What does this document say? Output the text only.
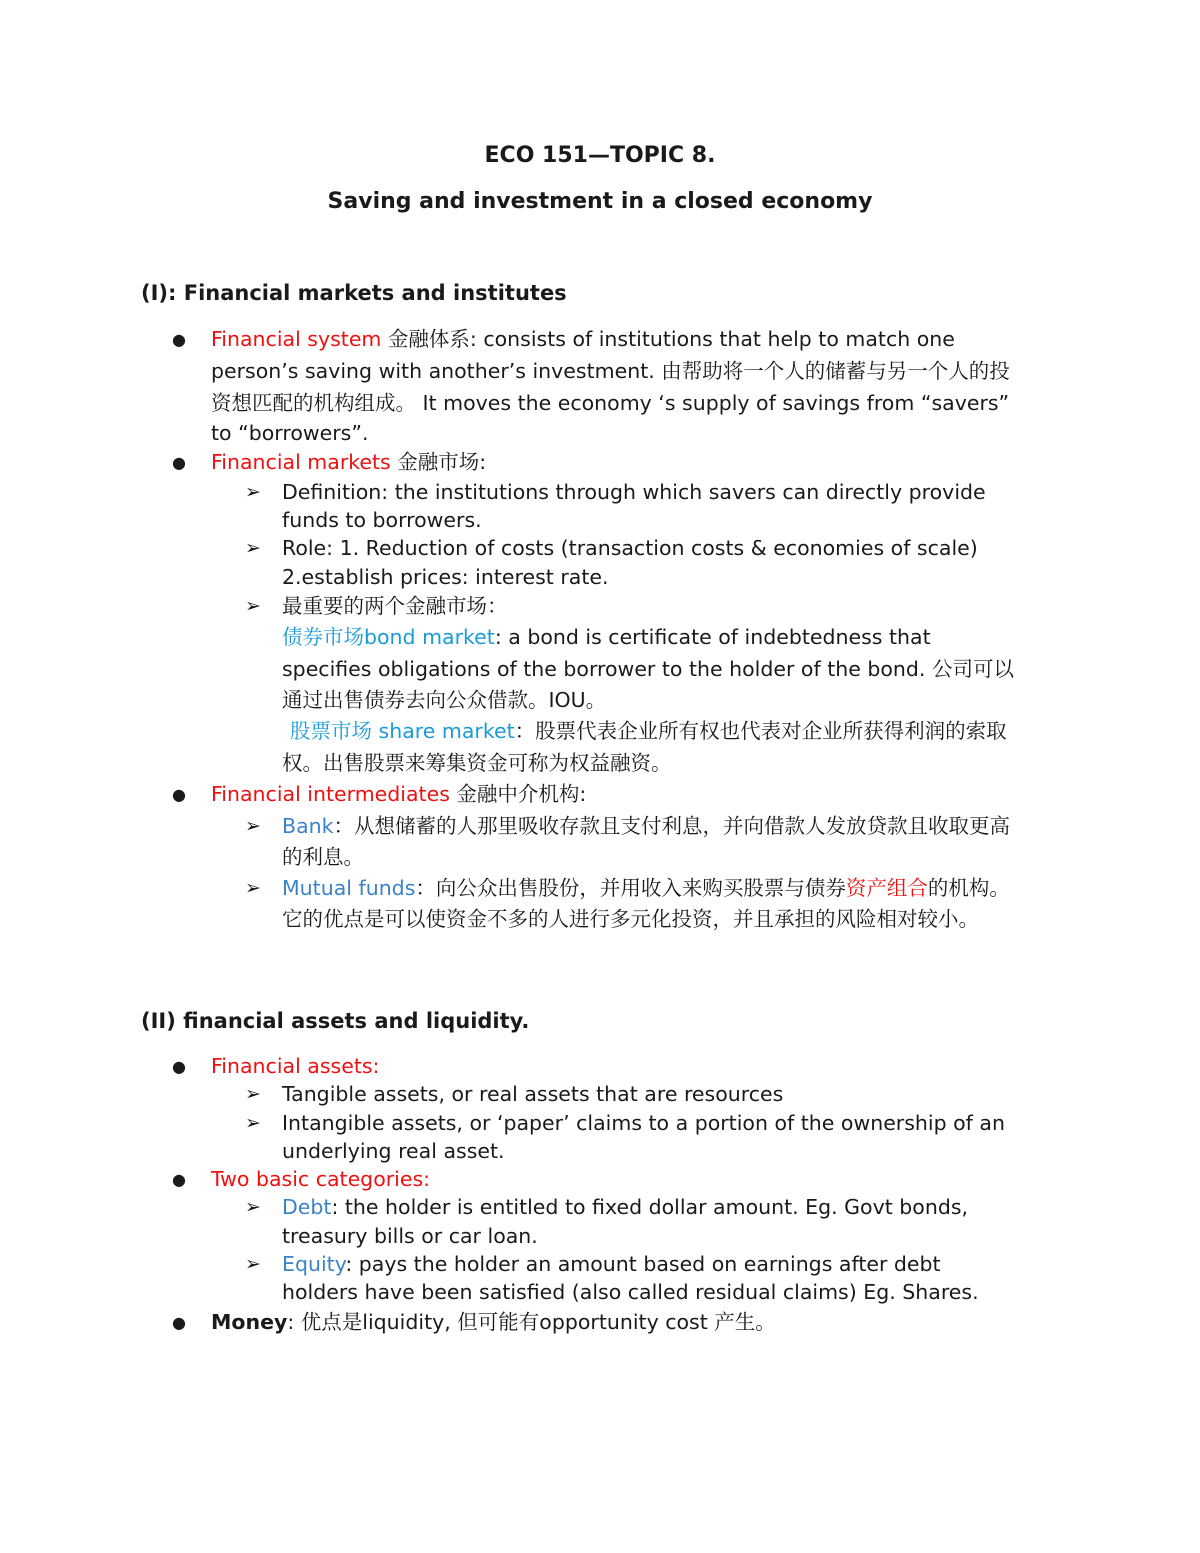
ECO 151—TOPIC 8.
Saving and investment in a closed economy
(I): Financial markets and institutes
● Financial system 金融体系: consists of institutions that help to match one
person’s saving with another’s investment. 由帮助将一个人的储蓄与另一个人的投
资想匹配的机构组成。 It moves the economy ‘s supply of savings from “savers”
to “borrowers”.
● Financial markets 金融市场:
➢ Definition: the institutions through which savers can directly provide
funds to borrowers.
➢ Role: 1. Reduction of costs (transaction costs & economies of scale)
2.establish prices: interest rate.
➢ 最重要的两个金融市场：
债券市场bond market: a bond is certificate of indebtedness that
specifies obligations of the borrower to the holder of the bond. 公司可以
通过出售债券去向公众借款。IOU。
股票市场 share market：股票代表企业所有权也代表对企业所获得利润的索取
权。出售股票来筹集资金可称为权益融资。
● Financial intermediates 金融中介机构:
➢ Bank：从想储蓄的人那里吸收存款且支付利息，并向借款人发放贷款且收取更高
的利息。
➢ Mutual funds：向公众出售股份，并用收入来购买股票与债券资产组合的机构。
它的优点是可以使资金不多的人进行多元化投资，并且承担的风险相对较小。
(II) financial assets and liquidity.
● Financial assets:
➢ Tangible assets, or real assets that are resources
➢ Intangible assets, or ‘paper’ claims to a portion of the ownership of an
underlying real asset.
● Two basic categories:
➢ Debt: the holder is entitled to fixed dollar amount. Eg. Govt bonds,
treasury bills or car loan.
➢ Equity: pays the holder an amount based on earnings after debt
holders have been satisfied (also called residual claims) Eg. Shares.
● Money: 优点是liquidity, 但可能有opportunity cost 产生。
